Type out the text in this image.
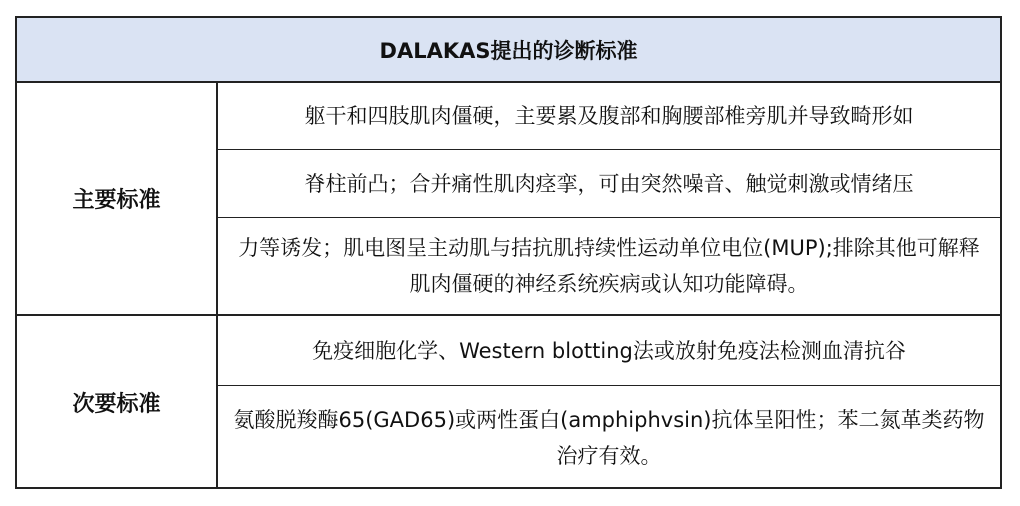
DALAKAS提出的诊断标准
主要标准
躯干和四肢肌肉僵硬，主要累及腹部和胸腰部椎旁肌并导致畸形如
脊柱前凸；合并痛性肌肉痉挛，可由突然噪音、触觉刺激或情绪压
力等诱发；肌电图呈主动肌与拮抗肌持续性运动单位电位(MUP);排除其他可解释肌肉僵硬的神经系统疾病或认知功能障碍。
次要标准
免疫细胞化学、Western blotting法或放射免疫法检测血清抗谷
氨酸脱羧酶65(GAD65)或两性蛋白(amphiphvsin)抗体呈阳性；苯二氮革类药物治疗有效。
